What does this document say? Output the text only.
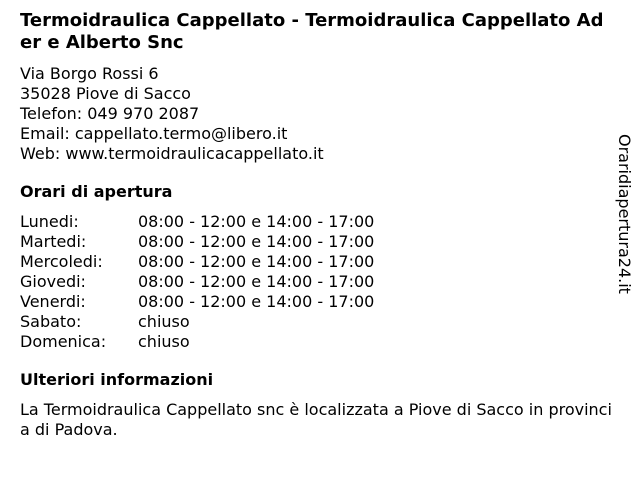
Termoidraulica Cappellato - Termoidraulica Cappellato Ader e Alberto Snc
Via Borgo Rossi 6
35028 Piove di Sacco
Telefon: 049 970 2087
Email: cappellato.termo@libero.it
Web: www.termoidraulicacappellato.it
Orari di apertura
Lunedi:	08:00 - 12:00 e 14:00 - 17:00
Martedi:	08:00 - 12:00 e 14:00 - 17:00
Mercoledi:	08:00 - 12:00 e 14:00 - 17:00
Giovedi:	08:00 - 12:00 e 14:00 - 17:00
Venerdi:	08:00 - 12:00 e 14:00 - 17:00
Sabato:	chiuso
Domenica:	chiuso
Ulteriori informazioni
La Termoidraulica Cappellato snc è localizzata a Piove di Sacco in provincia di Padova.
Oraridiapertura24.it
